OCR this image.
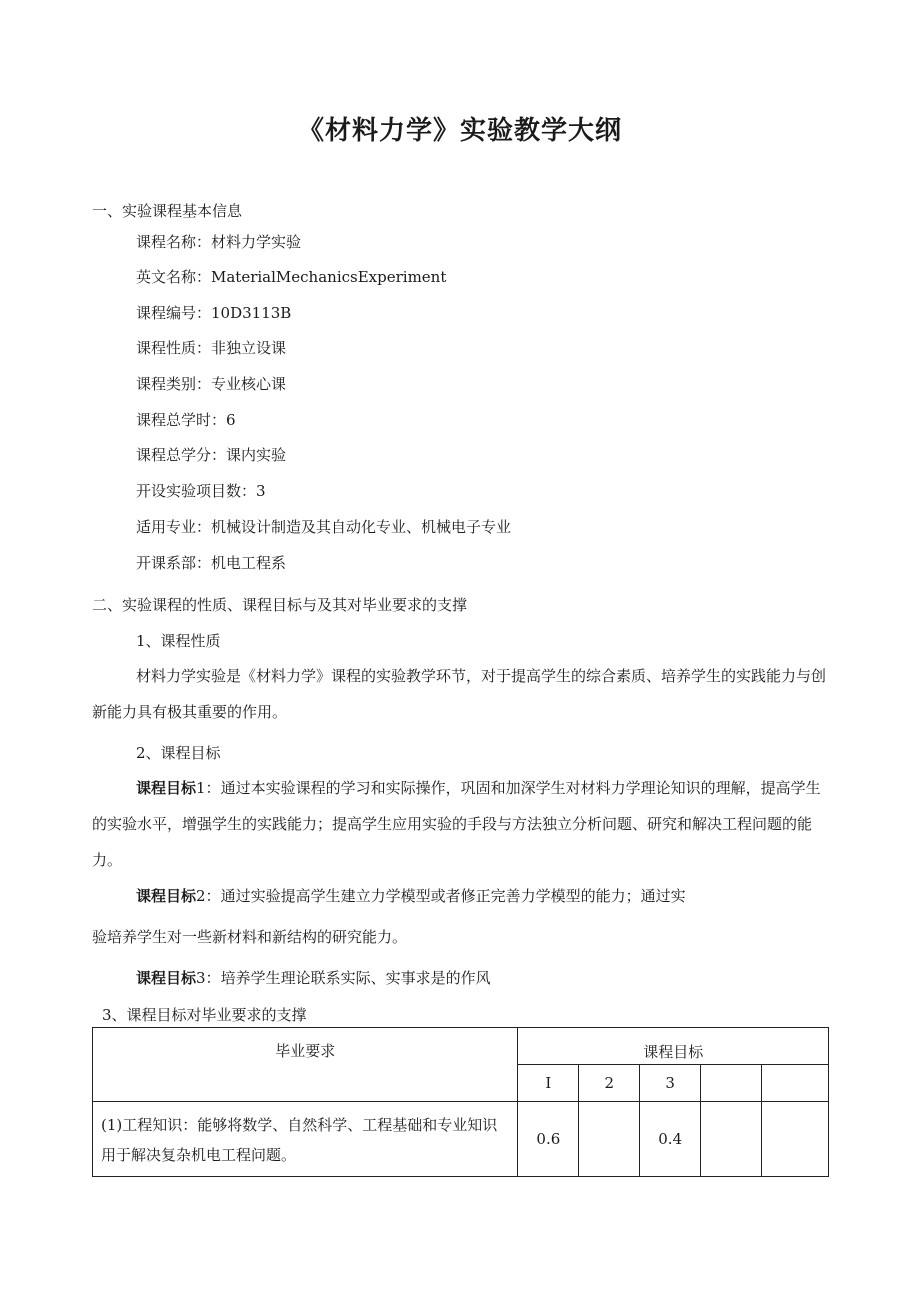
《材料力学》实验教学大纲
一、实验课程基本信息
课程名称：材料力学实验
英文名称：MaterialMechanicsExperiment
课程编号：10D3113B
课程性质：非独立设课
课程类别：专业核心课
课程总学时：6
课程总学分：课内实验
开设实验项目数：3
适用专业：机械设计制造及其自动化专业、机械电子专业
开课系部：机电工程系
二、实验课程的性质、课程目标与及其对毕业要求的支撑
1、课程性质
材料力学实验是《材料力学》课程的实验教学环节，对于提高学生的综合素质、培养学生的实践能力与创新能力具有极其重要的作用。
2、课程目标
课程目标1：通过本实验课程的学习和实际操作，巩固和加深学生对材料力学理论知识的理解，提高学生的实验水平，增强学生的实践能力；提高学生应用实验的手段与方法独立分析问题、研究和解决工程问题的能力。
课程目标2：通过实验提高学生建立力学模型或者修正完善力学模型的能力；通过实
验培养学生对一些新材料和新结构的研究能力。
课程目标3：培养学生理论联系实际、实事求是的作风
3、课程目标对毕业要求的支撑
毕业要求	课程目标				
	I	2	3		
(1)工程知识：能够将数学、自然科学、工程基础和专业知识用于解决复杂机电工程问题。	0.6		0.4		
